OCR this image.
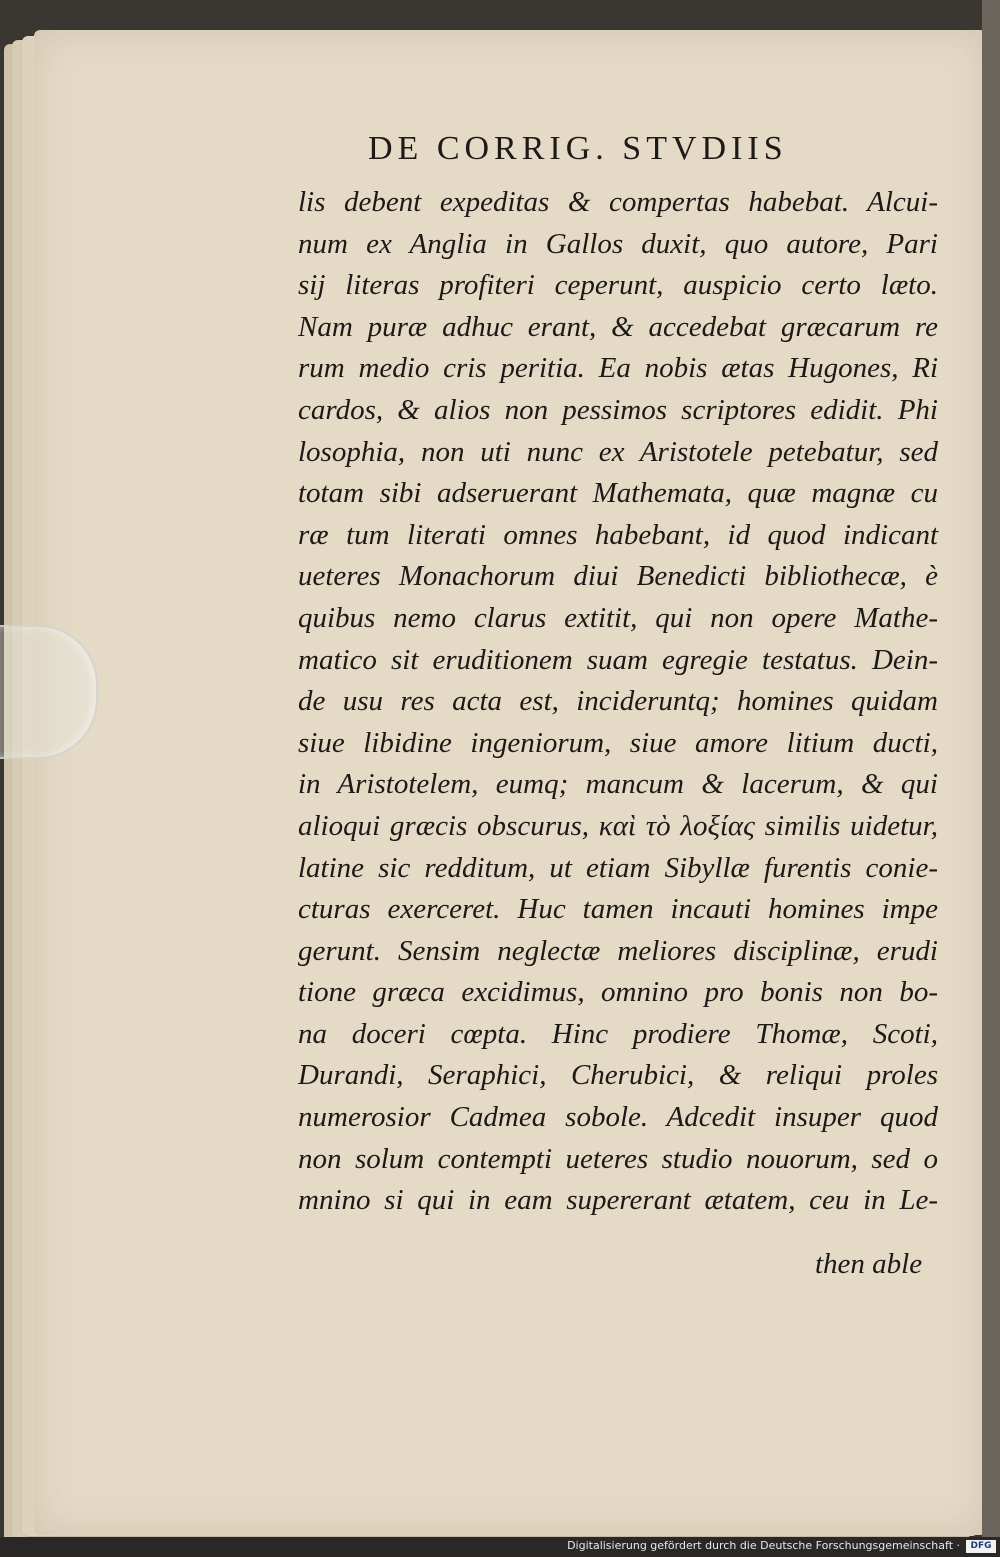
DE CORRIG. STVDIIS
lis debent expeditas & compertas habebat. Alcui-
num ex Anglia in Gallos duxit, quo autore, Pari
sij literas profiteri ceperunt, auspicio certo læto.
Nam puræ adhuc erant, & accedebat græcarum re
rum medio cris peritia. Ea nobis ætas Hugones, Ri
cardos, & alios non pessimos scriptores edidit. Phi
losophia, non uti nunc ex Aristotele petebatur, sed
totam sibi adseruerant Mathemata, quæ magnæ cu
ræ tum literati omnes habebant, id quod indicant
ueteres Monachorum diui Benedicti bibliothecæ, è
quibus nemo clarus extitit, qui non opere Mathe-
matico sit eruditionem suam egregie testatus. Dein-
de usu res acta est, incideruntq; homines quidam
siue libidine ingeniorum, siue amore litium ducti,
in Aristotelem, eumq; mancum & lacerum, & qui
alioqui græcis obscurus, καὶ τὸ λοξίας similis uidetur,
latine sic redditum, ut etiam Sibyllæ furentis conie-
cturas exerceret. Huc tamen incauti homines impe
gerunt. Sensim neglectæ meliores disciplinæ, erudi
tione græca excidimus, omnino pro bonis non bo-
na doceri cœpta. Hinc prodiere Thomæ, Scoti,
Durandi, Seraphici, Cherubici, & reliqui proles
numerosior Cadmea sobole. Adcedit insuper quod
non solum contempti ueteres studio nouorum, sed o
mnino si qui in eam supererant ætatem, ceu in Le-
then able
Digitalisierung gefördert durch die Deutsche Forschungsgemeinschaft ·	DFG
